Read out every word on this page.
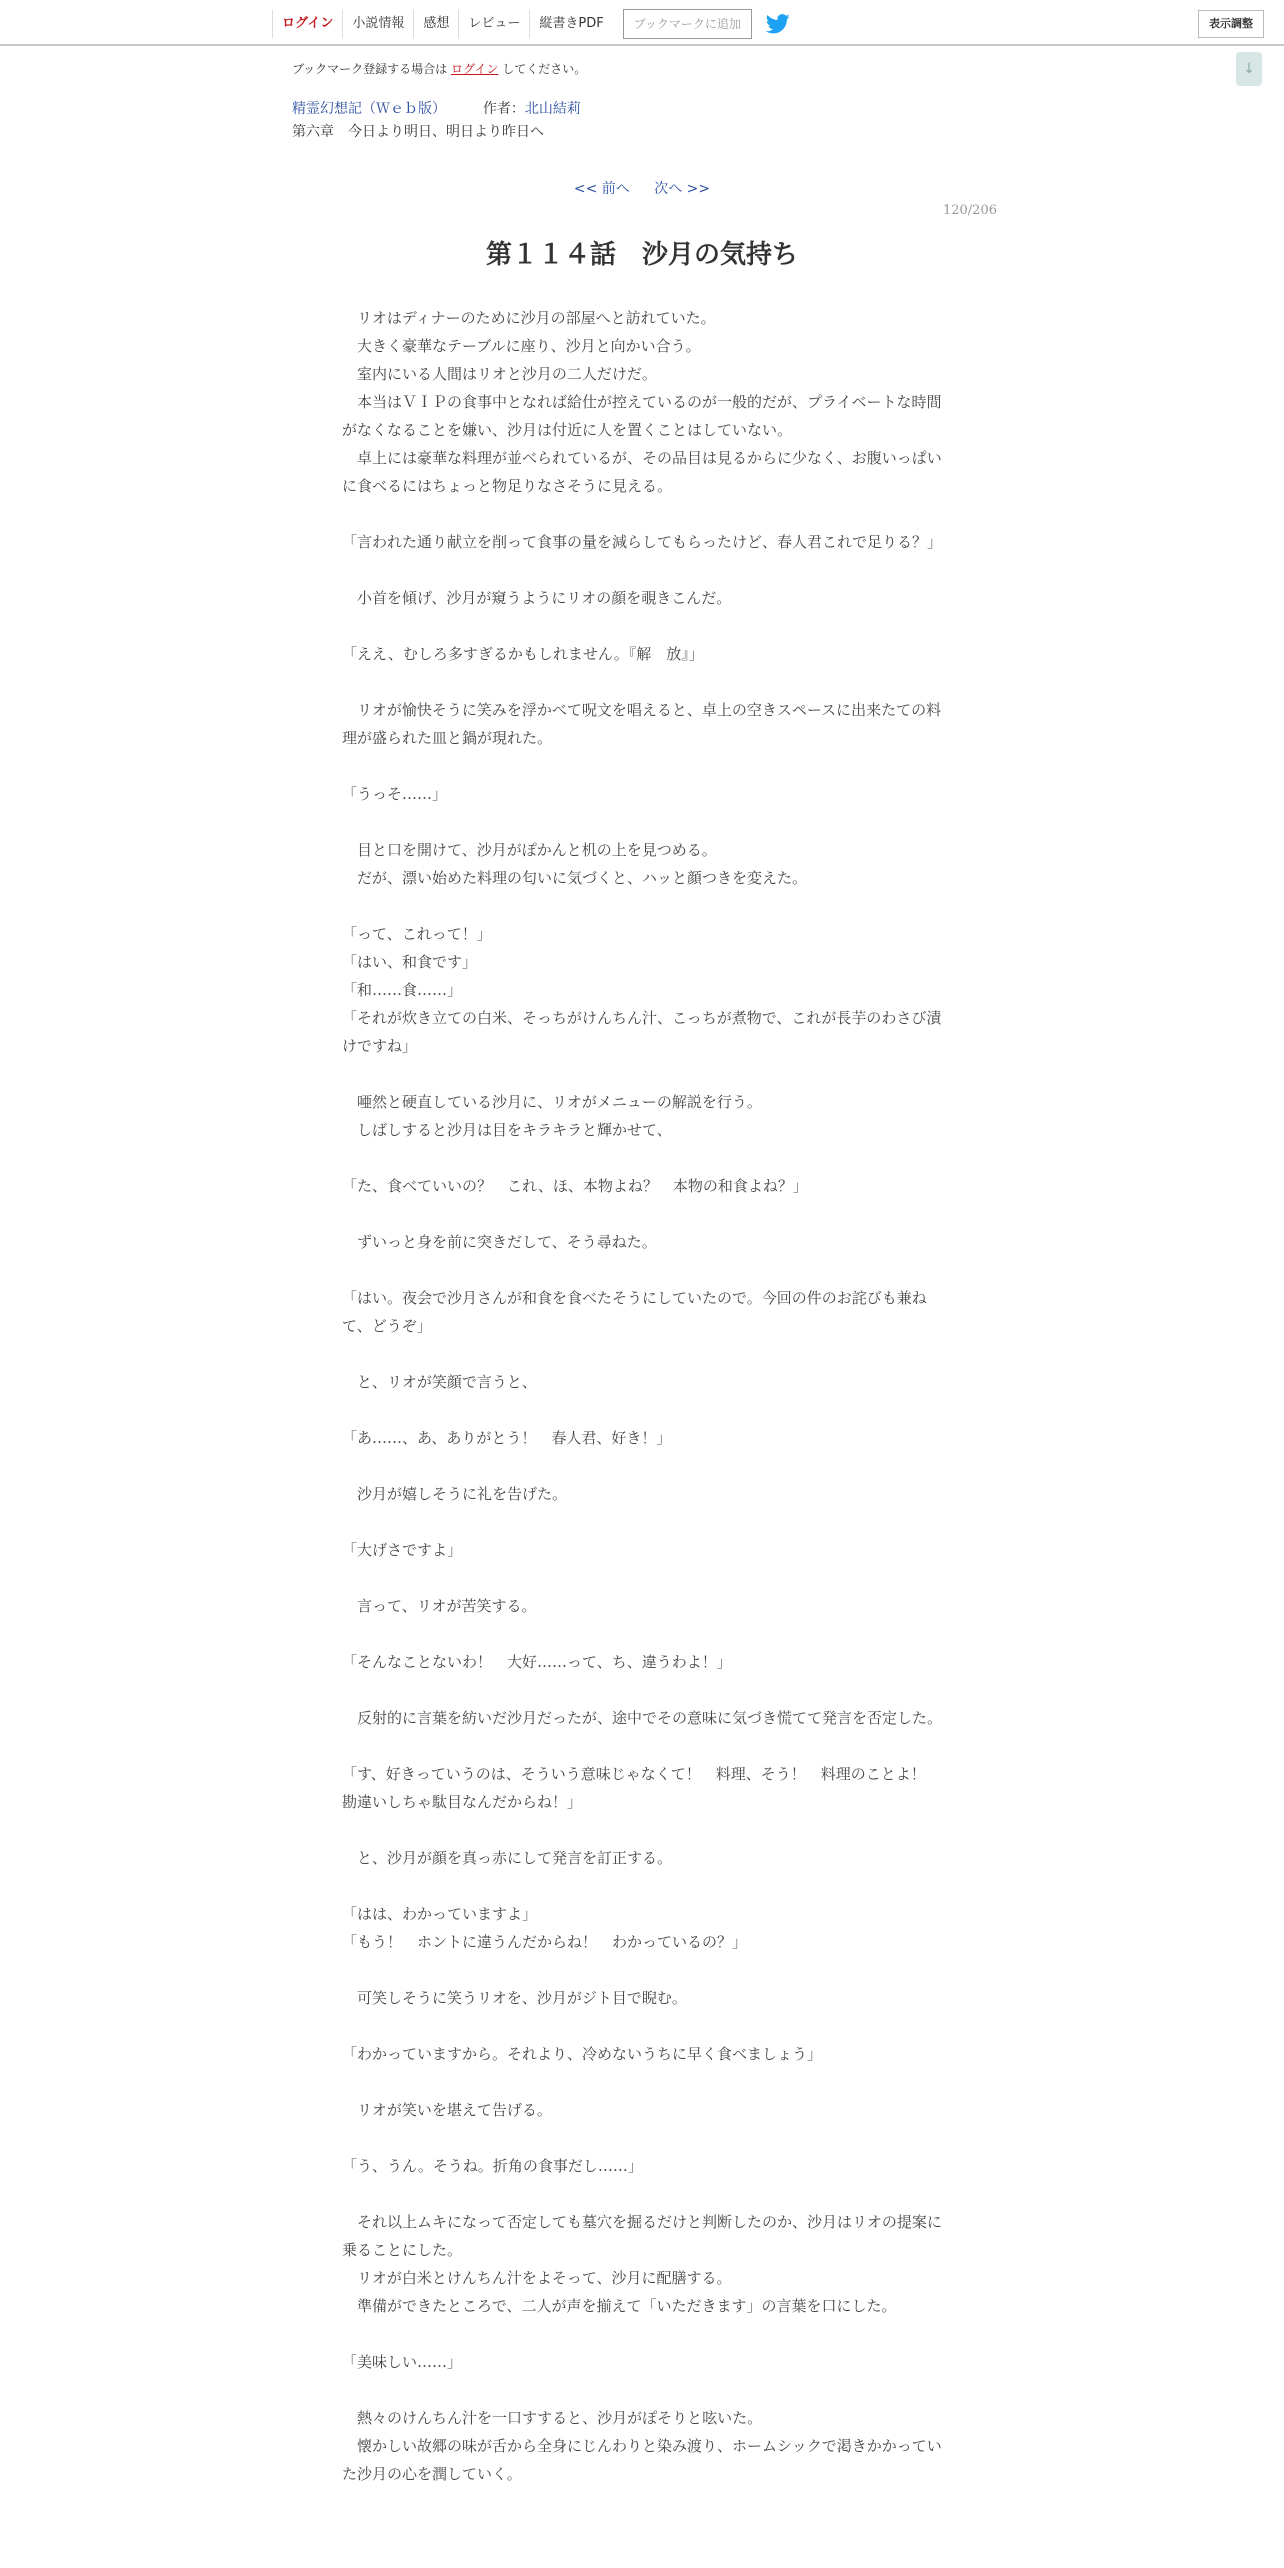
ログイン	小説情報	感想	レビュー	縦書きPDF	ブックマークに追加	表示調整
↓
ブックマーク登録する場合は ログイン してください。
精霊幻想記（Ｗｅｂ版）	作者：北山結莉
第六章　今日より明日、明日より昨日へ
<< 前へ 次へ >>
120/206
第１１４話　沙月の気持ち

　リオはディナーのために沙月の部屋へと訪れていた。

　大きく豪華なテーブルに座り、沙月と向かい合う。

　室内にいる人間はリオと沙月の二人だけだ。

　本当はＶＩＰの食事中となれば給仕が控えているのが一般的だが、プライベートな時間がなくなることを嫌い、沙月は付近に人を置くことはしていない。

　卓上には豪華な料理が並べられているが、その品目は見るからに少なく、お腹いっぱいに食べるにはちょっと物足りなさそうに見える。

「言われた通り献立を削って食事の量を減らしてもらったけど、春人君これで足りる？」

　小首を傾げ、沙月が窺うようにリオの顔を覗きこんだ。

「ええ、むしろ多すぎるかもしれません。『解　放』」

　リオが愉快そうに笑みを浮かべて呪文を唱えると、卓上の空きスペースに出来たての料理が盛られた皿と鍋が現れた。

「うっそ……」

　目と口を開けて、沙月がぽかんと机の上を見つめる。

　だが、漂い始めた料理の匂いに気づくと、ハッと顔つきを変えた。

「って、これって！」

「はい、和食です」

「和……食……」

「それが炊き立ての白米、そっちがけんちん汁、こっちが煮物で、これが長芋のわさび漬けですね」

　唖然と硬直している沙月に、リオがメニューの解説を行う。

　しばしすると沙月は目をキラキラと輝かせて、

「た、食べていいの？　これ、ほ、本物よね？　本物の和食よね？」

　ずいっと身を前に突きだして、そう尋ねた。

「はい。夜会で沙月さんが和食を食べたそうにしていたので。今回の件のお詫びも兼ねて、どうぞ」

　と、リオが笑顔で言うと、

「あ……、あ、ありがとう！　春人君、好き！」

　沙月が嬉しそうに礼を告げた。

「大げさですよ」

　言って、リオが苦笑する。

「そんなことないわ！　大好……って、ち、違うわよ！」

　反射的に言葉を紡いだ沙月だったが、途中でその意味に気づき慌てて発言を否定した。

「す、好きっていうのは、そういう意味じゃなくて！　料理、そう！　料理のことよ！　勘違いしちゃ駄目なんだからね！」

　と、沙月が顔を真っ赤にして発言を訂正する。

「はは、わかっていますよ」

「もう！　ホントに違うんだからね！　わかっているの？」

　可笑しそうに笑うリオを、沙月がジト目で睨む。

「わかっていますから。それより、冷めないうちに早く食べましょう」

　リオが笑いを堪えて告げる。

「う、うん。そうね。折角の食事だし……」

　それ以上ムキになって否定しても墓穴を掘るだけと判断したのか、沙月はリオの提案に乗ることにした。

　リオが白米とけんちん汁をよそって、沙月に配膳する。

　準備ができたところで、二人が声を揃えて「いただきます」の言葉を口にした。

「美味しい……」

　熱々のけんちん汁を一口すすると、沙月がぽそりと呟いた。

　懐かしい故郷の味が舌から全身にじんわりと染み渡り、ホームシックで渇きかかっていた沙月の心を潤していく。
